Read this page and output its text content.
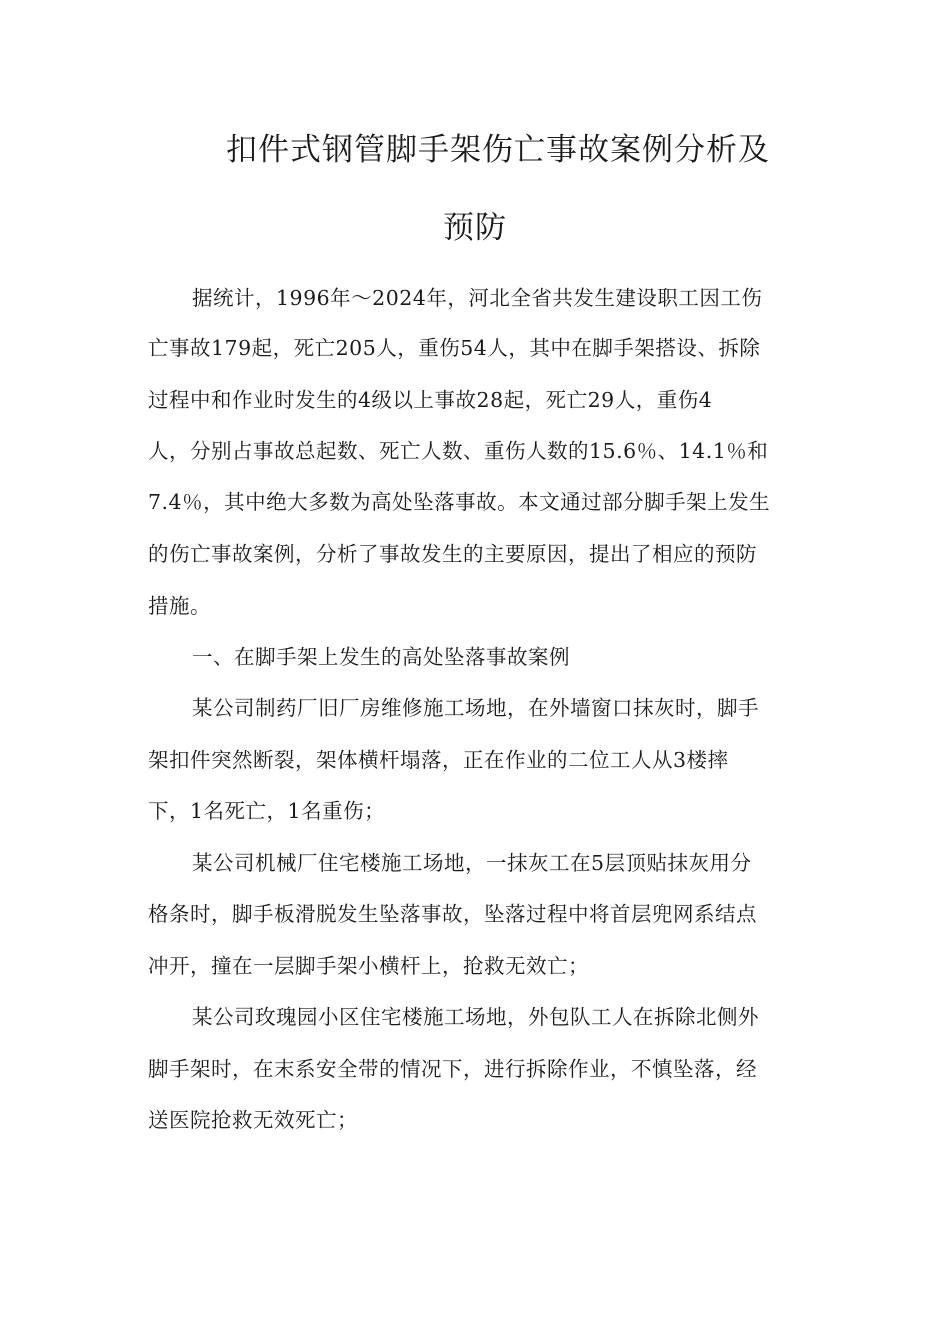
扣件式钢管脚手架伤亡事故案例分析及
预防
据统计，1996年～2024年，河北全省共发生建设职工因工伤
亡事故179起，死亡205人，重伤54人，其中在脚手架搭设、拆除
过程中和作业时发生的4级以上事故28起，死亡29人，重伤4
人，分别占事故总起数、死亡人数、重伤人数的15.6％、14.1％和
7.4％，其中绝大多数为高处坠落事故。本文通过部分脚手架上发生
的伤亡事故案例，分析了事故发生的主要原因，提出了相应的预防
措施。
一、在脚手架上发生的高处坠落事故案例
某公司制药厂旧厂房维修施工场地，在外墙窗口抹灰时，脚手
架扣件突然断裂，架体横杆塌落，正在作业的二位工人从3楼摔
下，1名死亡，1名重伤；
某公司机械厂住宅楼施工场地，一抹灰工在5层顶贴抹灰用分
格条时，脚手板滑脱发生坠落事故，坠落过程中将首层兜网系结点
冲开，撞在一层脚手架小横杆上，抢救无效亡；
某公司玫瑰园小区住宅楼施工场地，外包队工人在拆除北侧外
脚手架时，在末系安全带的情况下，进行拆除作业，不慎坠落，经
送医院抢救无效死亡；
